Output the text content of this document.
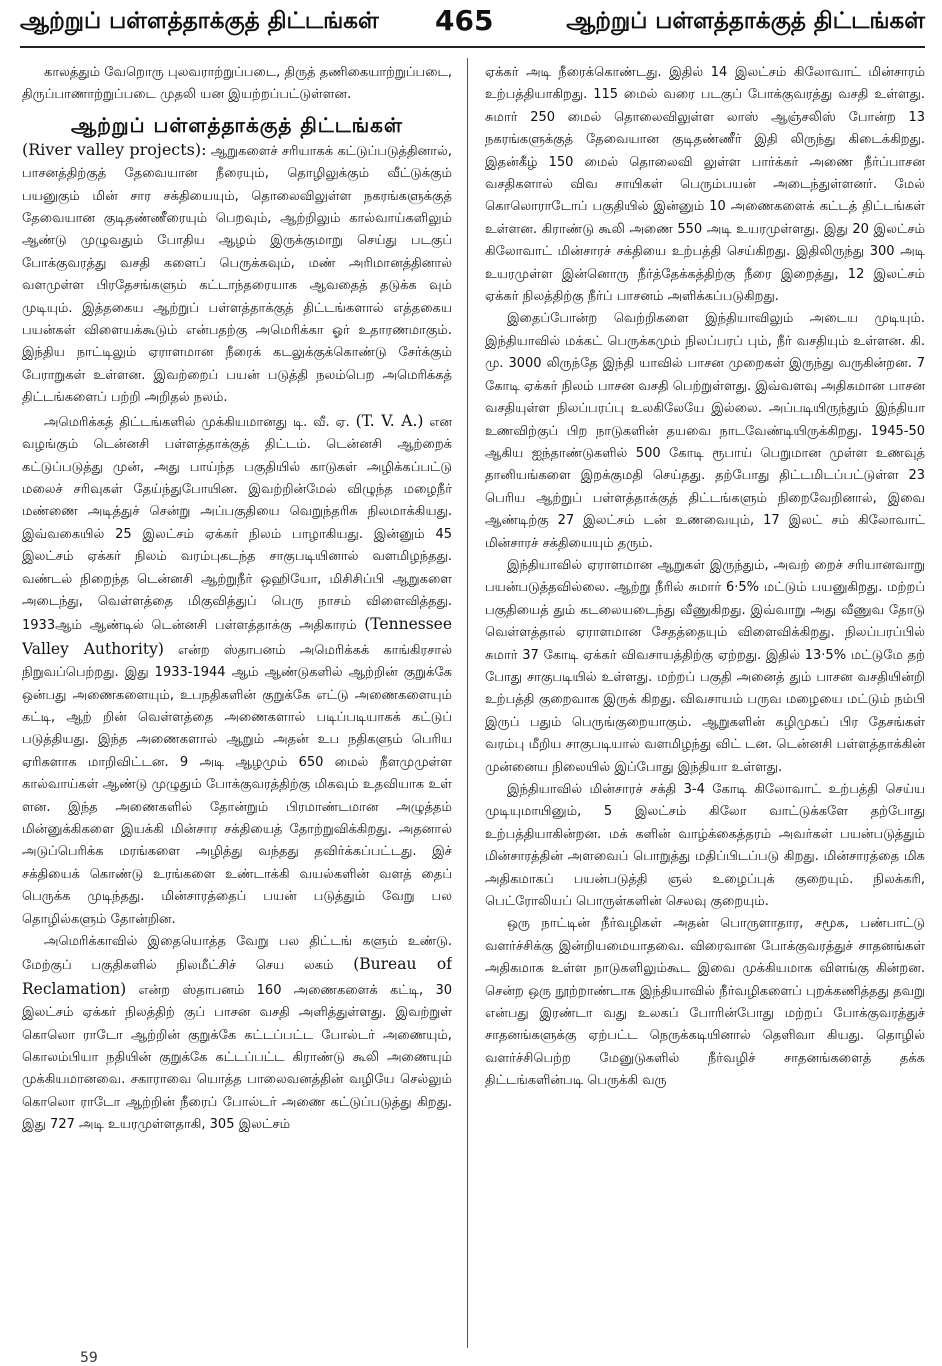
ஆற்றுப் பள்ளத்தாக்குத் திட்டங்கள் 465	ஆற்றுப் பள்ளத்தாக்குத் திட்டங்கள்

காலத்தும் வேறொரு புலவராற்றுப்படை, திருத் தணிகையாற்றுப்படை, திருப்பாணாற்றுப்படை முதலி யன இயற்றப்பட்டுள்ளன.

ஆற்றுப் பள்ளத்தாக்குத் திட்டங்கள்

(River valley projects): ஆறுகளைச் சரியாகக் கட்டுப்படுத்தினால், பாசனத்திற்குத் தேவையான நீரையும், தொழிலுக்கும் வீட்டுக்கும் பயனுகும் மின் சார சக்தியையும், தொலைவிலுள்ள நகரங்களுக்குத் தேவையான குடிதண்ணீரையும் பெறவும், ஆற்றிலும் கால்வாய்களிலும் ஆண்டு முழுவதும் போதிய ஆழம் இருக்குமாறு செய்து படகுப் போக்குவரத்து வசதி களைப் பெருக்கவும், மண் அரிமானத்தினால் வளமுள்ள பிரதேசங்களும் கட்டாந்தரையாக ஆவதைத் தடுக்க வும் முடியும். இத்தகைய ஆற்றுப் பள்ளத்தாக்குத் திட்டங்களால் எத்தகைய பயன்கள் விளையக்கூடும் என்பதற்கு அமெரிக்கா ஓர் உதாரணமாகும். இந்திய நாட்டிலும் ஏராளமான நீரைக் கடலுக்குக்கொண்டு சேர்க்கும் பேராறுகள் உள்ளன. இவற்றைப் பயன் படுத்தி நலம்பெற அமெரிக்கத் திட்டங்களைப் பற்றி அறிதல் நலம்.

அமெரிக்கத் திட்டங்களில் முக்கியமானது டி. வீ. ஏ. (T. V. A.) என வழங்கும் டென்னசி பள்ளத்தாக்குத் திட்டம். டென்னசி ஆற்றைக் கட்டுப்படுத்து முன், அது பாய்ந்த பகுதியில் காடுகள் அழிக்கப்பட்டு மலைச் சரிவுகள் தேய்ந்துபோயின. இவற்றின்மேல் விழுந்த மழைநீர் மண்ணை அடித்துச் சென்று அப்பகுதியை வெறுந்தரிசு நிலமாக்கியது. இவ்வகையில் 25 இலட்சம் ஏக்கர் நிலம் பாழாகியது. இன்னும் 45 இலட்சம் ஏக்கர் நிலம் வரம்புகடந்த சாகுபடியினால் வளமிழந்தது. வண்டல் நிறைந்த டென்னசி ஆற்றுநீர் ஒஹியோ, மிசிசிப்பி ஆறுகளை அடைந்து, வெள்ளத்தை மிகுவித்துப் பெரு நாசம் விளைவித்தது. 1933ஆம் ஆண்டில் டென்னசி பள்ளத்தாக்கு அதிகாரம் (Tennessee Valley Authority) என்ற ஸ்தாபனம் அமெரிக்கக் காங்கிரசால் நிறுவப்பெற்றது. இது 1933-1944 ஆம் ஆண்டுகளில் ஆற்றின் குறுக்கே ஒன்பது அணைகளையும், உபநதிகளின் குறுக்கே எட்டு அணைகளையும் கட்டி, ஆற் றின் வெள்ளத்தை அணைகளால் படிப்படியாகக் கட்டுப் படுத்தியது. இந்த அணைகளால் ஆறும் அதன் உப நதிகளும் பெரிய ஏரிகளாக மாறிவிட்டன. 9 அடி ஆழமும் 650 மைல் நீளமுமுள்ள கால்வாய்கள் ஆண்டு முழுதும் போக்குவரத்திற்கு மிகவும் உதவியாக உள் ளன. இந்த அணைகளில் தோன்றும் பிரமாண்டமான அழுத்தம் மின்னுக்கிகளை இயக்கி மின்சார சக்தியைத் தோற்றுவிக்கிறது. அதனால் அடுப்பெரிக்க மரங்களை அழித்து வந்தது தவிர்க்கப்பட்டது. இச் சக்தியைக் கொண்டு உரங்களை உண்டாக்கி வயல்களின் வளத் தைப் பெருக்க முடிந்தது. மின்சாரத்தைப் பயன் படுத்தும் வேறு பல தொழில்களும் தோன்றின.

அமெரிக்காவில் இதையொத்த வேறு பல திட்டங் களும் உண்டு. மேற்குப் பகுதிகளில் நிலமீட்சிச் செய லகம் (Bureau of Reclamation) என்ற ஸ்தாபனம் 160 அணைகளைக் கட்டி, 30 இலட்சம் ஏக்கர் நிலத்திற் குப் பாசன வசதி அளித்துள்ளது. இவற்றுள் கொலொ ராடோ ஆற்றின் குறுக்கே கட்டப்பட்ட போல்டர் அணையும், கொலம்பியா நதியின் குறுக்கே கட்டப்பட்ட கிராண்டு கூலி அணையும் முக்கியமானவை. சகாராவை யொத்த பாலைவனத்தின் வழியே செல்லும் கொலொ ராடோ ஆற்றின் நீரைப் போல்டர் அணை கட்டுப்படுத்து கிறது. இது 727 அடி உயரமுள்ளதாகி, 305 இலட்சம்

ஏக்கர் அடி நீரைக்கொண்டது. இதில் 14 இலட்சம் கிலோவாட் மின்சாரம் உற்பத்தியாகிறது. 115 மைல் வரை படகுப் போக்குவரத்து வசதி உள்ளது. சுமார் 250 மைல் தொலைவிலுள்ள லாஸ் ஆஞ்சலிஸ் போன்ற 13 நகரங்களுக்குத் தேவையான குடிதண்ணீர் இதி லிருந்து கிடைக்கிறது. இதன்கீழ் 150 மைல் தொலைவி லுள்ள பார்க்கர் அணை நீர்ப்பாசன வசதிகளால் விவ சாயிகள் பெரும்பயன் அடைந்துள்ளனர். மேல் கொலொராடோப் பகுதியில் இன்னும் 10 அணைகளைக் கட்டத் திட்டங்கள் உள்ளன. கிராண்டு கூலி அணை 550 அடி உயரமுள்ளது. இது 20 இலட்சம் கிலோவாட் மின்சாரச் சக்தியை உற்பத்தி செய்கிறது. இதிலிருந்து 300 அடி உயரமுள்ள இன்னொரு நீர்த்தேக்கத்திற்கு நீரை இறைத்து, 12 இலட்சம் ஏக்கர் நிலத்திற்கு நீர்ப் பாசனம் அளிக்கப்படுகிறது.

இதைப்போன்ற வெற்றிகளை இந்தியாவிலும் அடைய முடியும். இந்தியாவில் மக்கட் பெருக்கமும் நிலப்பரப் பும், நீர் வசதியும் உள்ளன. கி. மு. 3000 லிருந்தே இந்தி யாவில் பாசன முறைகள் இருந்து வருகின்றன. 7 கோடி ஏக்கர் நிலம் பாசன வசதி பெற்றுள்ளது. இவ்வளவு அதிகமான பாசன வசதியுள்ள நிலப்பரப்பு உலகிலேயே இல்லை. அப்படியிருந்தும் இந்தியா உணவிற்குப் பிற நாடுகளின் தயவை நாடவேண்டியிருக்கிறது. 1945-50 ஆகிய ஐந்தாண்டுகளில் 500 கோடி ரூபாய் பெறுமான முள்ள உணவுத் தானியங்களை இறக்குமதி செய்தது. தற்போது திட்டமிடப்பட்டுள்ள 23 பெரிய ஆற்றுப் பள்ளத்தாக்குத் திட்டங்களும் நிறைவேறினால், இவை ஆண்டிற்கு 27 இலட்சம் டன் உணவையும், 17 இலட் சம் கிலோவாட் மின்சாரச் சக்தியையும் தரும்.

இந்தியாவில் ஏராளமான ஆறுகள் இருந்தும், அவற் றைச் சரியானவாறு பயன்படுத்தவில்லை. ஆற்று நீரில் சுமார் 6·5% மட்டும் பயனுகிறது. மற்றப் பகுதியைத் தும் கடலையடைந்து வீணுகிறது. இவ்வாறு அது வீணுவ தோடு வெள்ளத்தால் ஏராளமான சேதத்தையும் விளைவிக்கிறது. நிலப்பரப்பில் சுமார் 37 கோடி ஏக்கர் விவசாயத்திற்கு ஏற்றது. இதில் 13·5% மட்டுமே தற் போது சாகுபடியில் உள்ளது. மற்றப் பகுதி அனைத் தும் பாசன வசதியின்றி உற்பத்தி குறைவாக இருக் கிறது. விவசாயம் பருவ மழையை மட்டும் நம்பி இருப் பதும் பெருங்குறையாகும். ஆறுகளின் கழிமுகப் பிர தேசங்கள் வரம்பு மீறிய சாகுபடியால் வளமிழந்து விட் டன. டென்னசி பள்ளத்தாக்கின் முன்னைய நிலையில் இப்போது இந்தியா உள்ளது.

இந்தியாவில் மின்சாரச் சக்தி 3-4 கோடி கிலோவாட் உற்பத்தி செய்ய முடியுமாயினும், 5 இலட்சம் கிலோ வாட்டுக்களே தற்போது உற்பத்தியாகின்றன. மக் களின் வாழ்க்கைத்தரம் அவர்கள் பயன்படுத்தும் மின்சாரத்தின் அளவைப் பொறுத்து மதிப்பிடப்படு கிறது. மின்சாரத்தை மிக அதிகமாகப் பயன்படுத்தி ஞல் உழைப்புக் குறையும். நிலக்கரி, பெட்ரோலியப் பொருள்களின் செலவு குறையும்.

ஒரு நாட்டின் நீர்வழிகள் அதன் பொருளாதார, சமூக, பண்பாட்டு வளர்ச்சிக்கு இன்றியமையாதவை. விரைவான போக்குவரத்துச் சாதனங்கள் அதிகமாக உள்ள நாடுகளிலும்கூட இவை முக்கியமாக விளங்கு கின்றன. சென்ற ஒரு நூற்றாண்டாக இந்தியாவில் நீர்வழிகளைப் புறக்கணித்தது தவறு என்பது இரண்டா வது உலகப் போரின்போது மற்றப் போக்குவரத்துச் சாதனங்களுக்கு ஏற்பட்ட நெருக்கடியினால் தெளிவா கியது. தொழில் வளர்ச்சிபெற்ற மேனுடுகளில் நீர்வழிச் சாதனங்களைத் தக்க திட்டங்களின்படி பெருக்கி வரு

59
